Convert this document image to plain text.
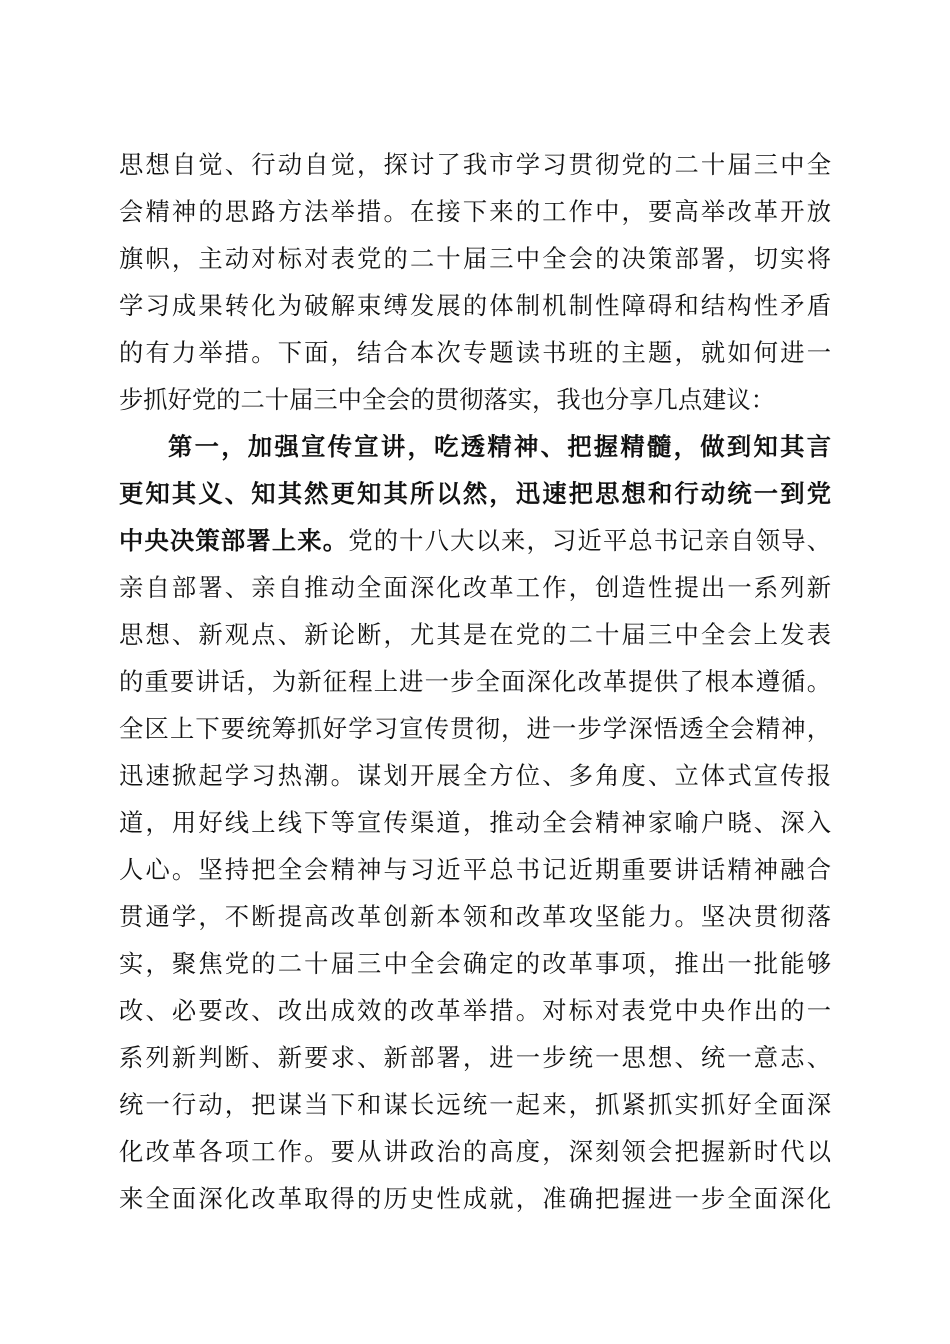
思想自觉、行动自觉，探讨了我市学习贯彻党的二十届三中全
会精神的思路方法举措。在接下来的工作中，要高举改革开放
旗帜，主动对标对表党的二十届三中全会的决策部署，切实将
学习成果转化为破解束缚发展的体制机制性障碍和结构性矛盾
的有力举措。下面，结合本次专题读书班的主题，就如何进一
步抓好党的二十届三中全会的贯彻落实，我也分享几点建议：
第一，加强宣传宣讲，吃透精神、把握精髓，做到知其言
更知其义、知其然更知其所以然，迅速把思想和行动统一到党
中央决策部署上来。党的十八大以来，习近平总书记亲自领导、
亲自部署、亲自推动全面深化改革工作，创造性提出一系列新
思想、新观点、新论断，尤其是在党的二十届三中全会上发表
的重要讲话，为新征程上进一步全面深化改革提供了根本遵循。
全区上下要统筹抓好学习宣传贯彻，进一步学深悟透全会精神，
迅速掀起学习热潮。谋划开展全方位、多角度、立体式宣传报
道，用好线上线下等宣传渠道，推动全会精神家喻户晓、深入
人心。坚持把全会精神与习近平总书记近期重要讲话精神融合
贯通学，不断提高改革创新本领和改革攻坚能力。坚决贯彻落
实，聚焦党的二十届三中全会确定的改革事项，推出一批能够
改、必要改、改出成效的改革举措。对标对表党中央作出的一
系列新判断、新要求、新部署，进一步统一思想、统一意志、
统一行动，把谋当下和谋长远统一起来，抓紧抓实抓好全面深
化改革各项工作。要从讲政治的高度，深刻领会把握新时代以
来全面深化改革取得的历史性成就，准确把握进一步全面深化
